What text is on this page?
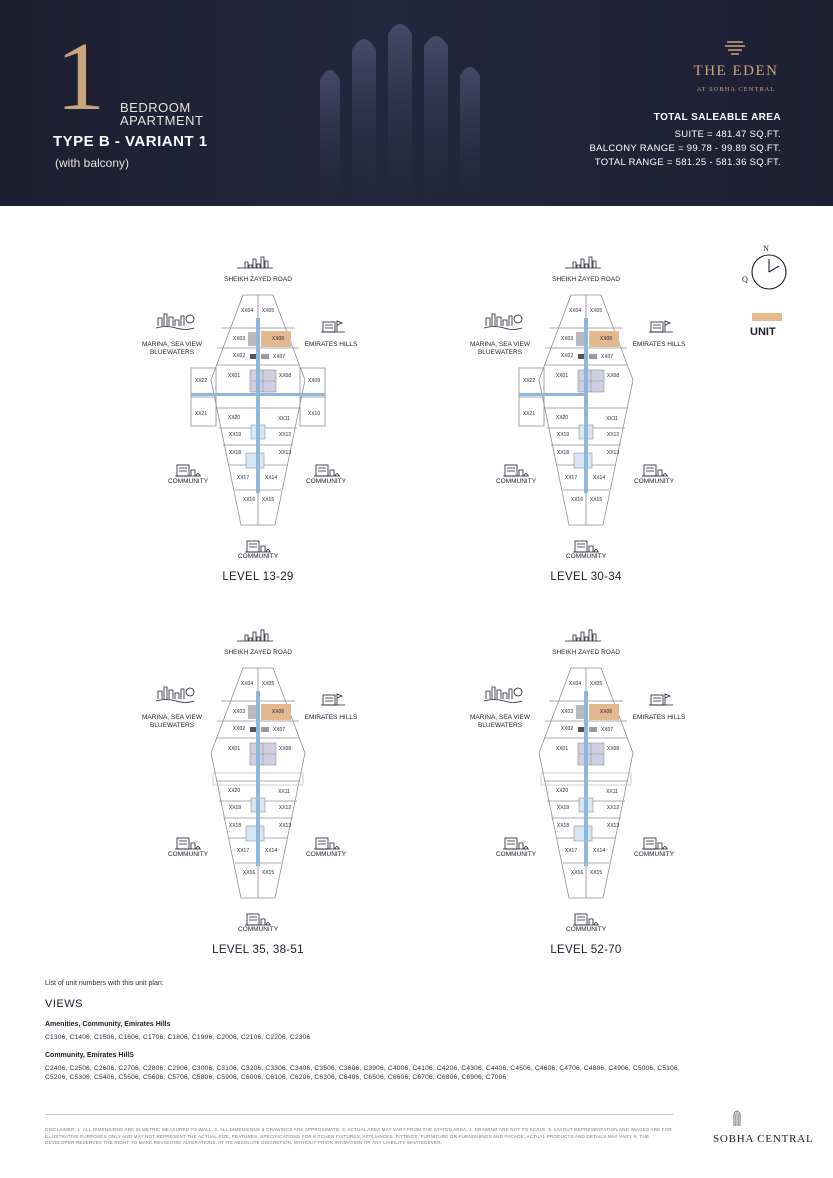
1 BEDROOM
APARTMENT
TYPE B - VARIANT 1
(with balcony)
THE EDEN
AT SOBHA CENTRAL
TOTAL SALEABLE AREA
SUITE = 481.47 SQ.FT.
BALCONY RANGE = 99.78 - 99.89 SQ.FT.
TOTAL RANGE = 581.25 - 581.36 SQ.FT.
N
Q
UNIT
SHEIKH ZAYED ROAD
MARINA, SEA VIEW
BLUEWATERS
EMIRATES HILLS
COMMUNITY	COMMUNITY
COMMUNITY
XX04 XX05
XX03	XX06
XX02	XX07
XX01	XX08
XX22	XX09
XX21	XX10
XX20	XX11
XX19	XX12
XX18	XX13
XX17	XX14
XX16 XX15
LEVEL 13-29
SHEIKH ZAYED ROAD
MARINA, SEA VIEW
BLUEWATERS
EMIRATES HILLS
COMMUNITY	COMMUNITY
COMMUNITY
XX04 XX05
XX03	XX06
XX02	XX07
XX01	XX08
XX22
XX21
XX20	XX11
XX19	XX12
XX18	XX13
XX17	XX14
XX16 XX15
LEVEL 30-34
SHEIKH ZAYED ROAD
MARINA, SEA VIEW
BLUEWATERS
EMIRATES HILLS
COMMUNITY	COMMUNITY
COMMUNITY
XX04 XX05
XX03	XX06
XX02	XX07
XX01	XX08
XX20	XX11
XX19	XX12
XX18	XX13
XX17	XX14
XX16 XX15
LEVEL 35, 38-51
SHEIKH ZAYED ROAD
MARINA, SEA VIEW
BLUEWATERS
EMIRATES HILLS
COMMUNITY	COMMUNITY
COMMUNITY
XX04 XX05
XX03	XX06
XX02	XX07
XX01	XX08
XX20	XX11
XX19	XX12
XX18	XX13
XX17	XX14
XX16 XX15
LEVEL 52-70
List of unit numbers with this unit plan:
VIEWS
Amenities, Community, Emirates Hills
C1306, C1406, C1506, C1606, C1706, C1806, C1906, C2006, C2106, C2206, C2306
Community, Emirates HillS
C2406, C2506, C2606, C2706, C2806, C2906, C3006, C3106, C3206, C3306, C3406, C3506, C3606, C3906, C4006, C4106, C4206, C4306, C4406, C4506, C4606, C4706, C4806, C4906, C5006, C5106, C5206, C5306, C5406, C5506, C5606, C5706, C5806, C5906, C6006, C6106, C6206, C6306, C6406, C6506, C6606, C6706, C6806, C6906, C7006
DISCLAIMER: 1. ALL DIMENSIONS ARE IN METRIC MEASURED TO WALL. 2. ALL DIMENSIONS & DRAWINGS ARE APPROXIMATE. 3. ACTUAL AREA MAY VARY FROM THE STATED AREA. 4. DRAWING ARE NOT TO SCALE. 5. LAYOUT REPRESENTATION AND IMAGES ARE FOR ILLUSTRATIVE PURPOSES ONLY AND MAY NOT REPRESENT THE ACTUAL SIZE, FEATURES, SPECIFICATIONS FOR KITCHEN FIXTURES, APPLIANCES, FITTINGS, FURNITURE OR FURNISHINGS AND FACADE. ACTUAL PRODUCTS AND DETAILS MAY VARY. 6. THE DEVELOPER RESERVES THE RIGHT TO MAKE REVISIONS/ ALTERATIONS, AT ITS ABSOLUTE DISCRETION, WITHOUT PRIOR INTIMATION OR ANY LIABILITY WHATSOEVER.	SOBHA CENTRAL
